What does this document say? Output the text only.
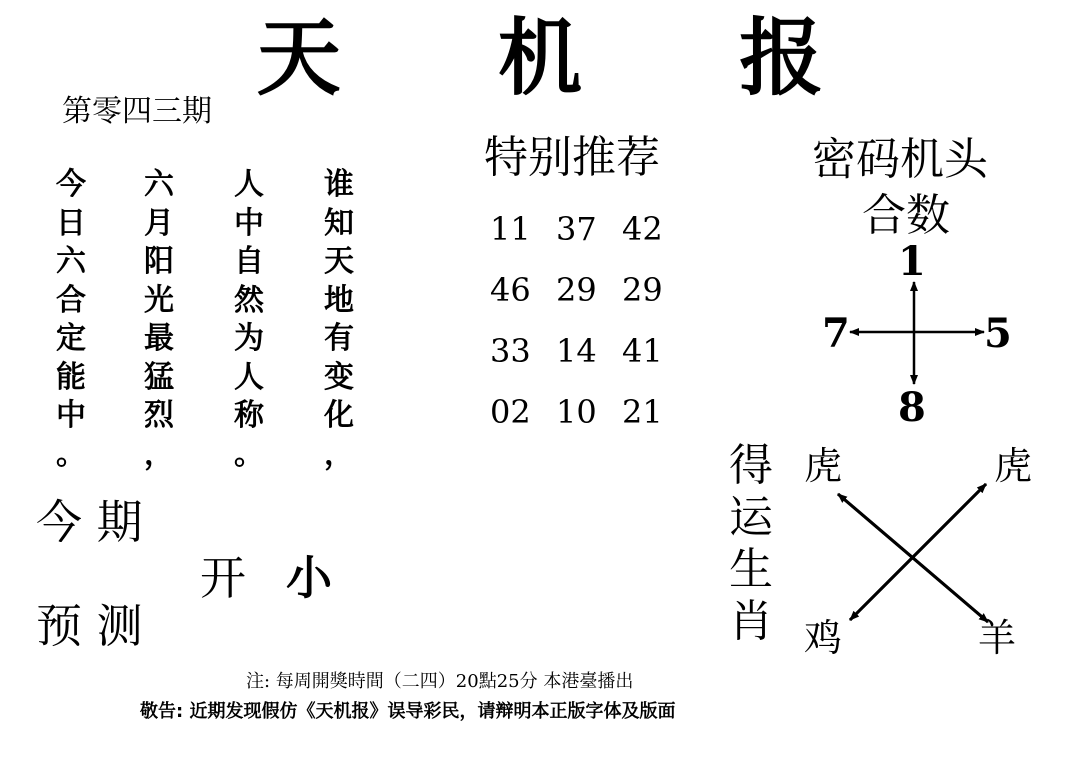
天 机 报
第零四三期
今
日
六
合
定
能
中
。
六
月
阳
光
最
猛
烈
，
人
中
自
然
为
人
称
。
谁
知
天
地
有
变
化
，
今 期
预 测
开 小
特别推荐
11 37 42
46 29 29
33 14 41
02 10 21
密码机头
合数
1
7	5
8
得
运
生
肖
虎	虎
鸡	羊
注: 每周開獎時間（二四）20點25分 本港臺播出
敬告: 近期发现假仿《天机报》误导彩民，请辩明本正版字体及版面
